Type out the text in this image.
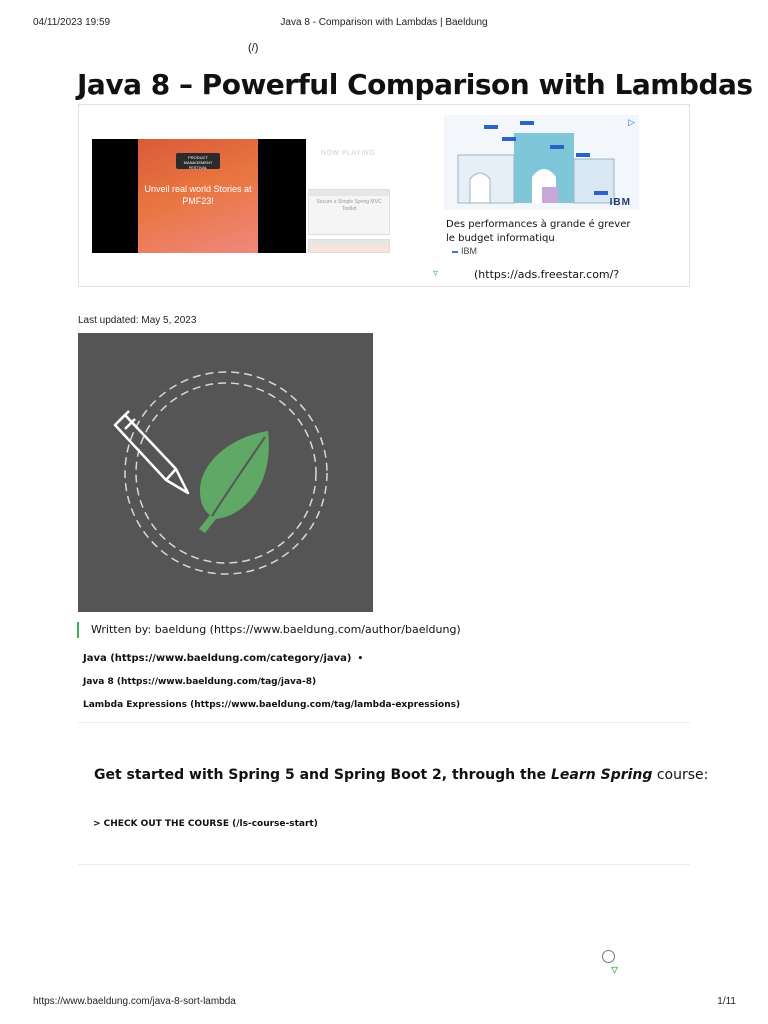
Java 8 - Comparison with Lambdas | Baeldung
04/11/2023 19:59
(/)
Java 8 – Powerful Comparison with Lambdas
PRODUCT MANAGEMENT FESTIVAL
Unveil real world Stories at PMF23!
NOW PLAYING
Secure a Simple Spring MVC Toolkit
▷
IBM
Des performances à grande é grever le budget informatiqu
IBM
▿	(https://ads.freestar.com/?
Last updated: May 5, 2023
Written by: baeldung (https://www.baeldung.com/author/baeldung)
Java (https://www.baeldung.com/category/java) •
Java 8 (https://www.baeldung.com/tag/java-8)
Lambda Expressions (https://www.baeldung.com/tag/lambda-expressions)
Get started with Spring 5 and Spring Boot 2, through the Learn Spring course:
> CHECK OUT THE COURSE (/ls-course-start)
▿
https://www.baeldung.com/java-8-sort-lambda	1/11
